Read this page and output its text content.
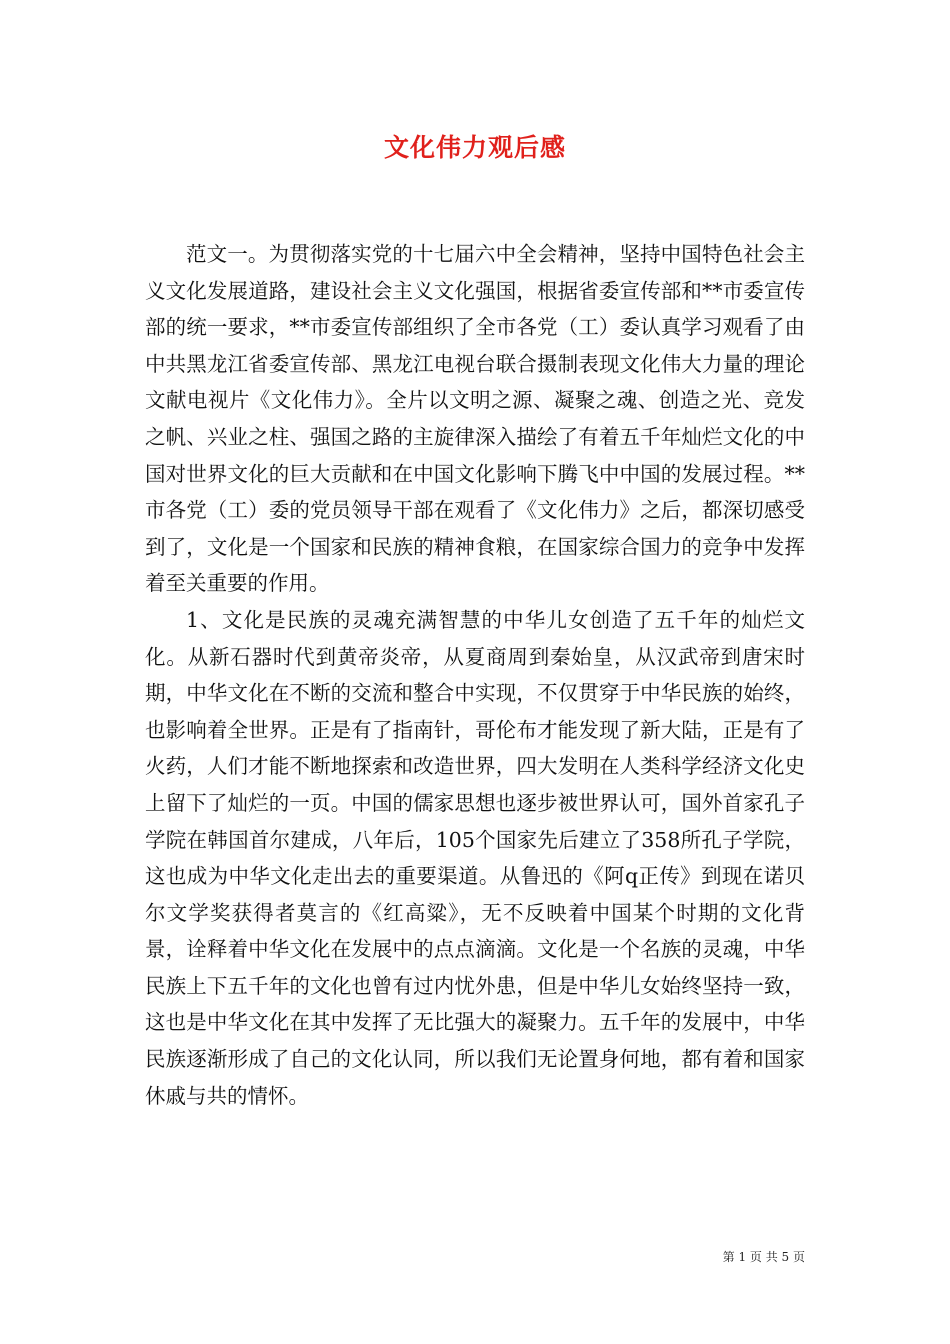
文化伟力观后感

范文一。为贯彻落实党的十七届六中全会精神，坚持中国特色社会主义文化发展道路，建设社会主义文化强国，根据省委宣传部和**市委宣传部的统一要求，**市委宣传部组织了全市各党（工）委认真学习观看了由中共黑龙江省委宣传部、黑龙江电视台联合摄制表现文化伟大力量的理论文献电视片《文化伟力》。全片以文明之源、凝聚之魂、创造之光、竞发之帆、兴业之柱、强国之路的主旋律深入描绘了有着五千年灿烂文化的中国对世界文化的巨大贡献和在中国文化影响下腾飞中中国的发展过程。**市各党（工）委的党员领导干部在观看了《文化伟力》之后，都深切感受到了，文化是一个国家和民族的精神食粮，在国家综合国力的竞争中发挥着至关重要的作用。

1、文化是民族的灵魂充满智慧的中华儿女创造了五千年的灿烂文化。从新石器时代到黄帝炎帝，从夏商周到秦始皇，从汉武帝到唐宋时期，中华文化在不断的交流和整合中实现，不仅贯穿于中华民族的始终，也影响着全世界。正是有了指南针，哥伦布才能发现了新大陆，正是有了火药，人们才能不断地探索和改造世界，四大发明在人类科学经济文化史上留下了灿烂的一页。中国的儒家思想也逐步被世界认可，国外首家孔子学院在韩国首尔建成，八年后，105个国家先后建立了358所孔子学院，这也成为中华文化走出去的重要渠道。从鲁迅的《阿q正传》到现在诺贝尔文学奖获得者莫言的《红高粱》，无不反映着中国某个时期的文化背景，诠释着中华文化在发展中的点点滴滴。文化是一个名族的灵魂，中华民族上下五千年的文化也曾有过内忧外患，但是中华儿女始终坚持一致，这也是中华文化在其中发挥了无比强大的凝聚力。五千年的发展中，中华民族逐渐形成了自己的文化认同，所以我们无论置身何地，都有着和国家休戚与共的情怀。

第 1 页 共 5 页
